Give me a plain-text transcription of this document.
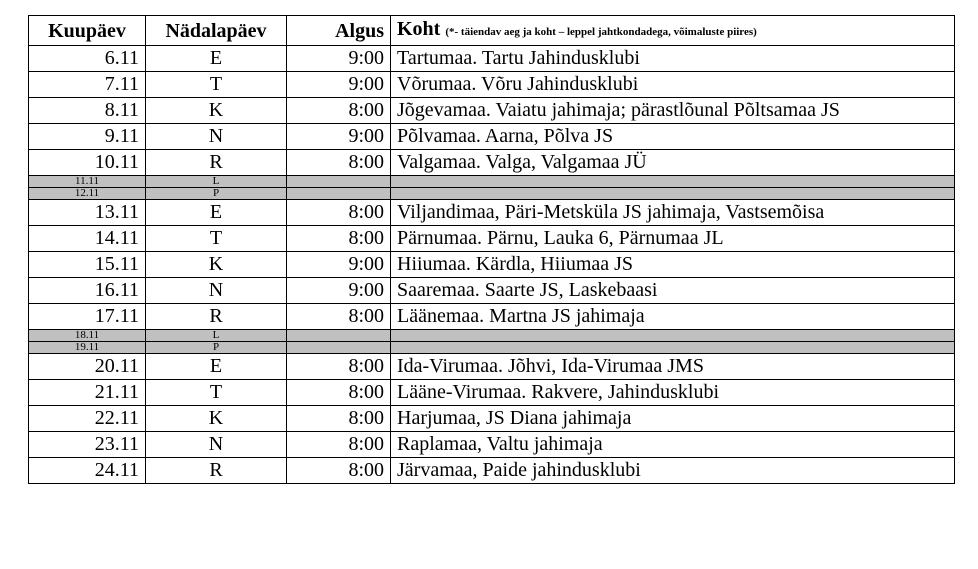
Kuupäev	Nädalapäev	Algus	Koht (*- täiendav aeg ja koht – leppel jahtkondadega, võimaluste piires)
6.11	E	9:00	Tartumaa. Tartu Jahindusklubi
7.11	T	9:00	Võrumaa. Võru Jahindusklubi
8.11	K	8:00	Jõgevamaa. Vaiatu jahimaja; pärastlõunal Põltsamaa JS
9.11	N	9:00	Põlvamaa. Aarna, Põlva JS
10.11	R	8:00	Valgamaa. Valga, Valgamaa JÜ
11.11	L		
12.11	P		
13.11	E	8:00	Viljandimaa, Päri-Metsküla JS jahimaja, Vastsemõisa
14.11	T	8:00	Pärnumaa. Pärnu, Lauka 6, Pärnumaa JL
15.11	K	9:00	Hiiumaa. Kärdla, Hiiumaa JS
16.11	N	9:00	Saaremaa. Saarte JS, Laskebaasi
17.11	R	8:00	Läänemaa. Martna JS jahimaja
18.11	L		
19.11	P		
20.11	E	8:00	Ida-Virumaa. Jõhvi, Ida-Virumaa JMS
21.11	T	8:00	Lääne-Virumaa. Rakvere, Jahindusklubi
22.11	K	8:00	Harjumaa, JS Diana jahimaja
23.11	N	8:00	Raplamaa, Valtu jahimaja
24.11	R	8:00	Järvamaa, Paide jahindusklubi
